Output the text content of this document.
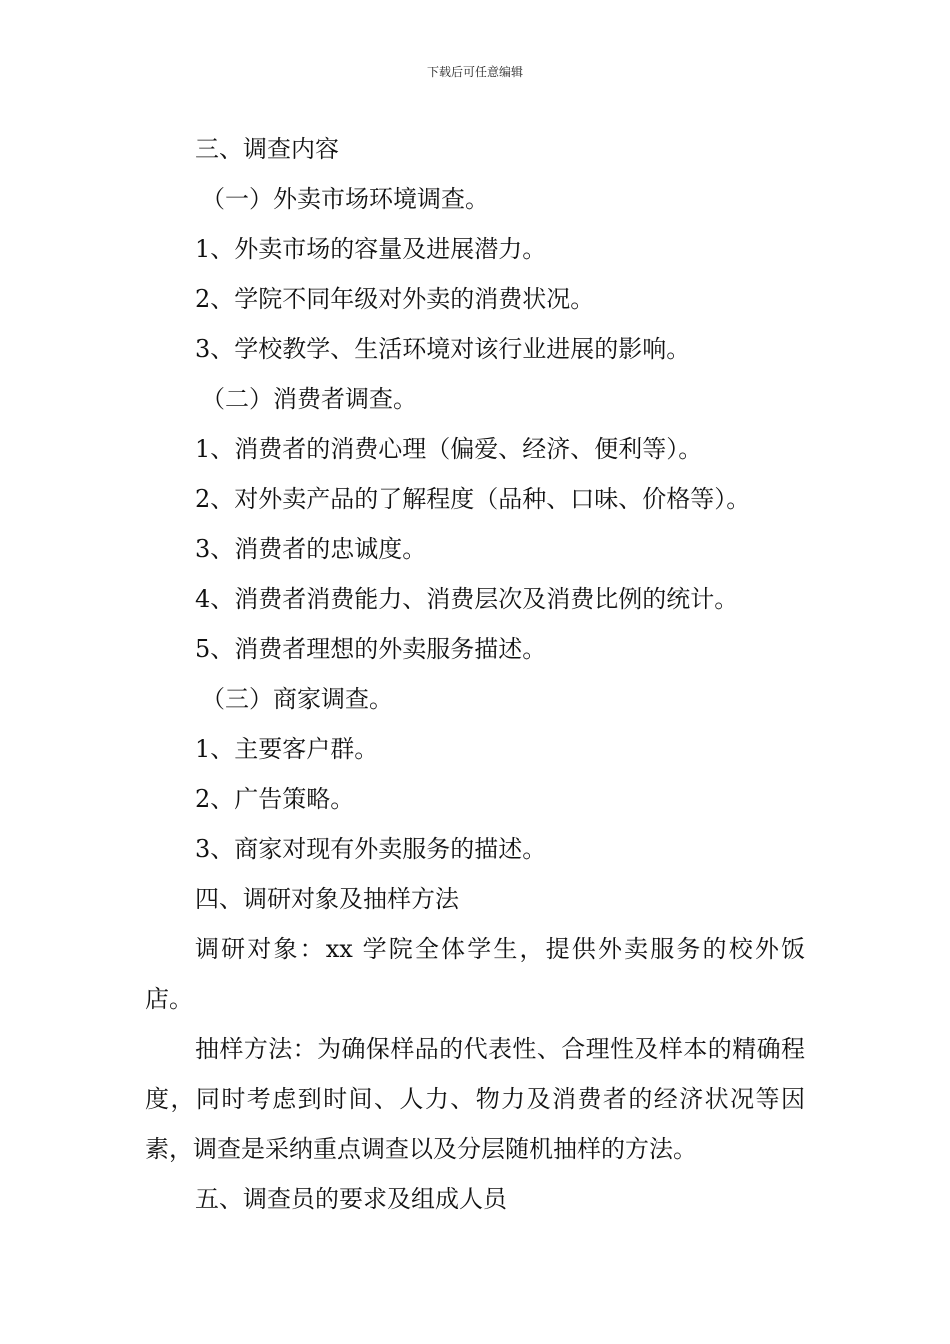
下载后可任意编辑
三、调查内容
（一）外卖市场环境调查。
1、外卖市场的容量及进展潜力。
2、学院不同年级对外卖的消费状况。
3、学校教学、生活环境对该行业进展的影响。
（二）消费者调查。
1、消费者的消费心理（偏爱、经济、便利等）。
2、对外卖产品的了解程度（品种、口味、价格等）。
3、消费者的忠诚度。
4、消费者消费能力、消费层次及消费比例的统计。
5、消费者理想的外卖服务描述。
（三）商家调查。
1、主要客户群。
2、广告策略。
3、商家对现有外卖服务的描述。
四、调研对象及抽样方法

调研对象：xx 学院全体学生，提供外卖服务的校外饭店。

抽样方法：为确保样品的代表性、合理性及样本的精确程度，同时考虑到时间、人力、物力及消费者的经济状况等因素，调查是采纳重点调查以及分层随机抽样的方法。

五、调查员的要求及组成人员
